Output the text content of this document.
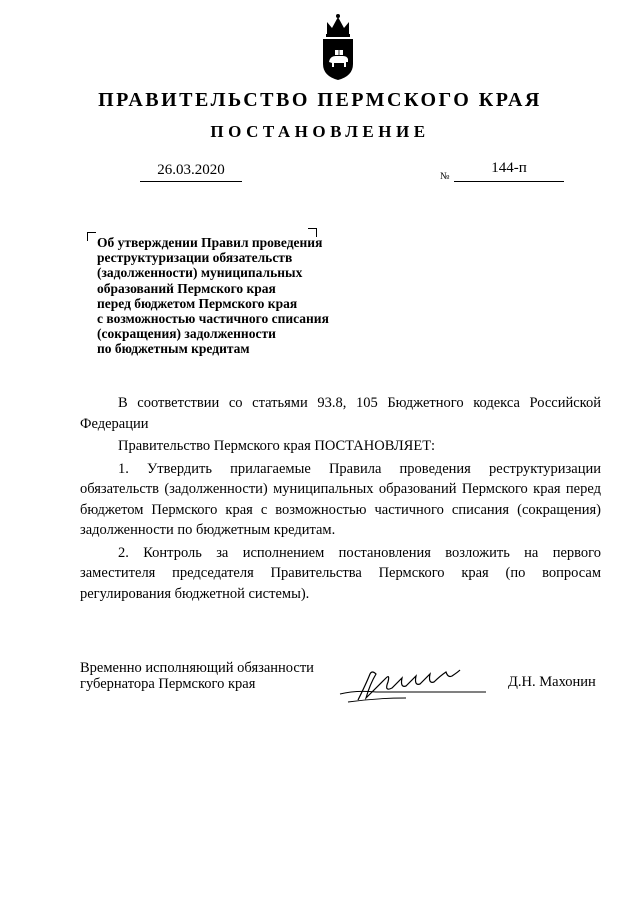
ПРАВИТЕЛЬСТВО ПЕРМСКОГО КРАЯ
ПОСТАНОВЛЕНИЕ
26.03.2020	№
144-п
Об утверждении Правил проведения
реструктуризации обязательств
(задолженности) муниципальных
образований Пермского края
перед бюджетом Пермского края
с возможностью частичного списания
(сокращения) задолженности
по бюджетным кредитам

В соответствии со статьями 93.8, 105 Бюджетного кодекса Российской Федерации

Правительство Пермского края ПОСТАНОВЛЯЕТ:

1. Утвердить прилагаемые Правила проведения реструктуризации обязательств (задолженности) муниципальных образований Пермского края перед бюджетом Пермского края с возможностью частичного списания (сокращения) задолженности по бюджетным кредитам.

2. Контроль за исполнением постановления возложить на первого заместителя председателя Правительства Пермского края (по вопросам регулирования бюджетной системы).

Временно исполняющий обязанности
губернатора Пермского края	Д.Н. Махонин
